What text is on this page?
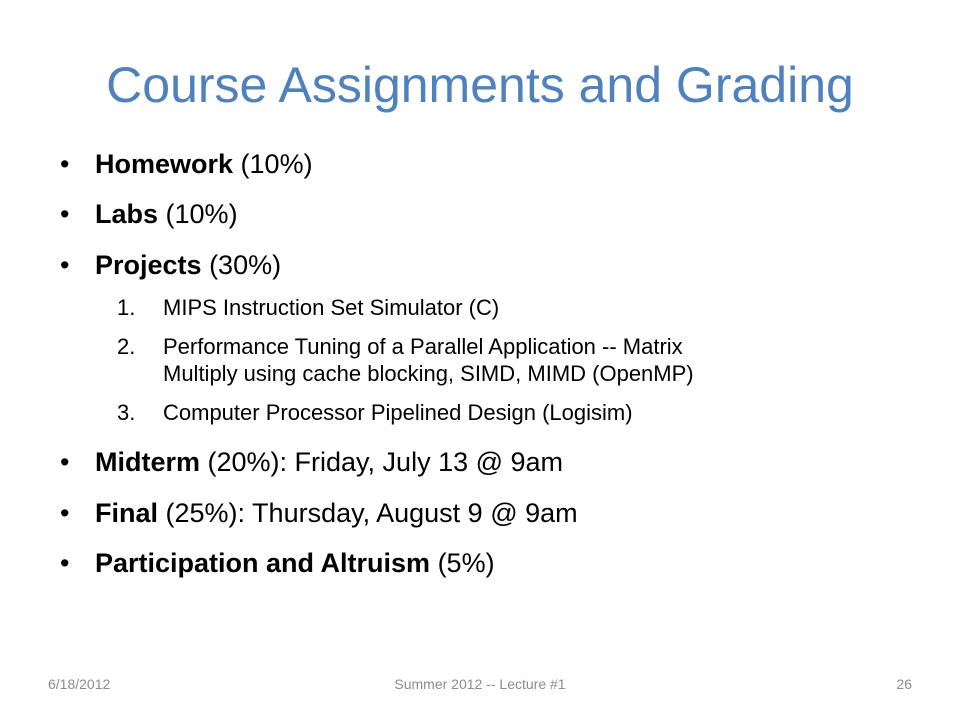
Course Assignments and Grading
• Homework (10%)
• Labs (10%)
• Projects (30%)
1. MIPS Instruction Set Simulator (C)
2. Performance Tuning of a Parallel Application -- Matrix
Multiply using cache blocking, SIMD, MIMD (OpenMP)
3. Computer Processor Pipelined Design (Logisim)
• Midterm (20%): Friday, July 13 @ 9am
• Final (25%): Thursday, August 9 @ 9am
• Participation and Altruism (5%)
6/18/2012	Summer 2012 -- Lecture #1	26
